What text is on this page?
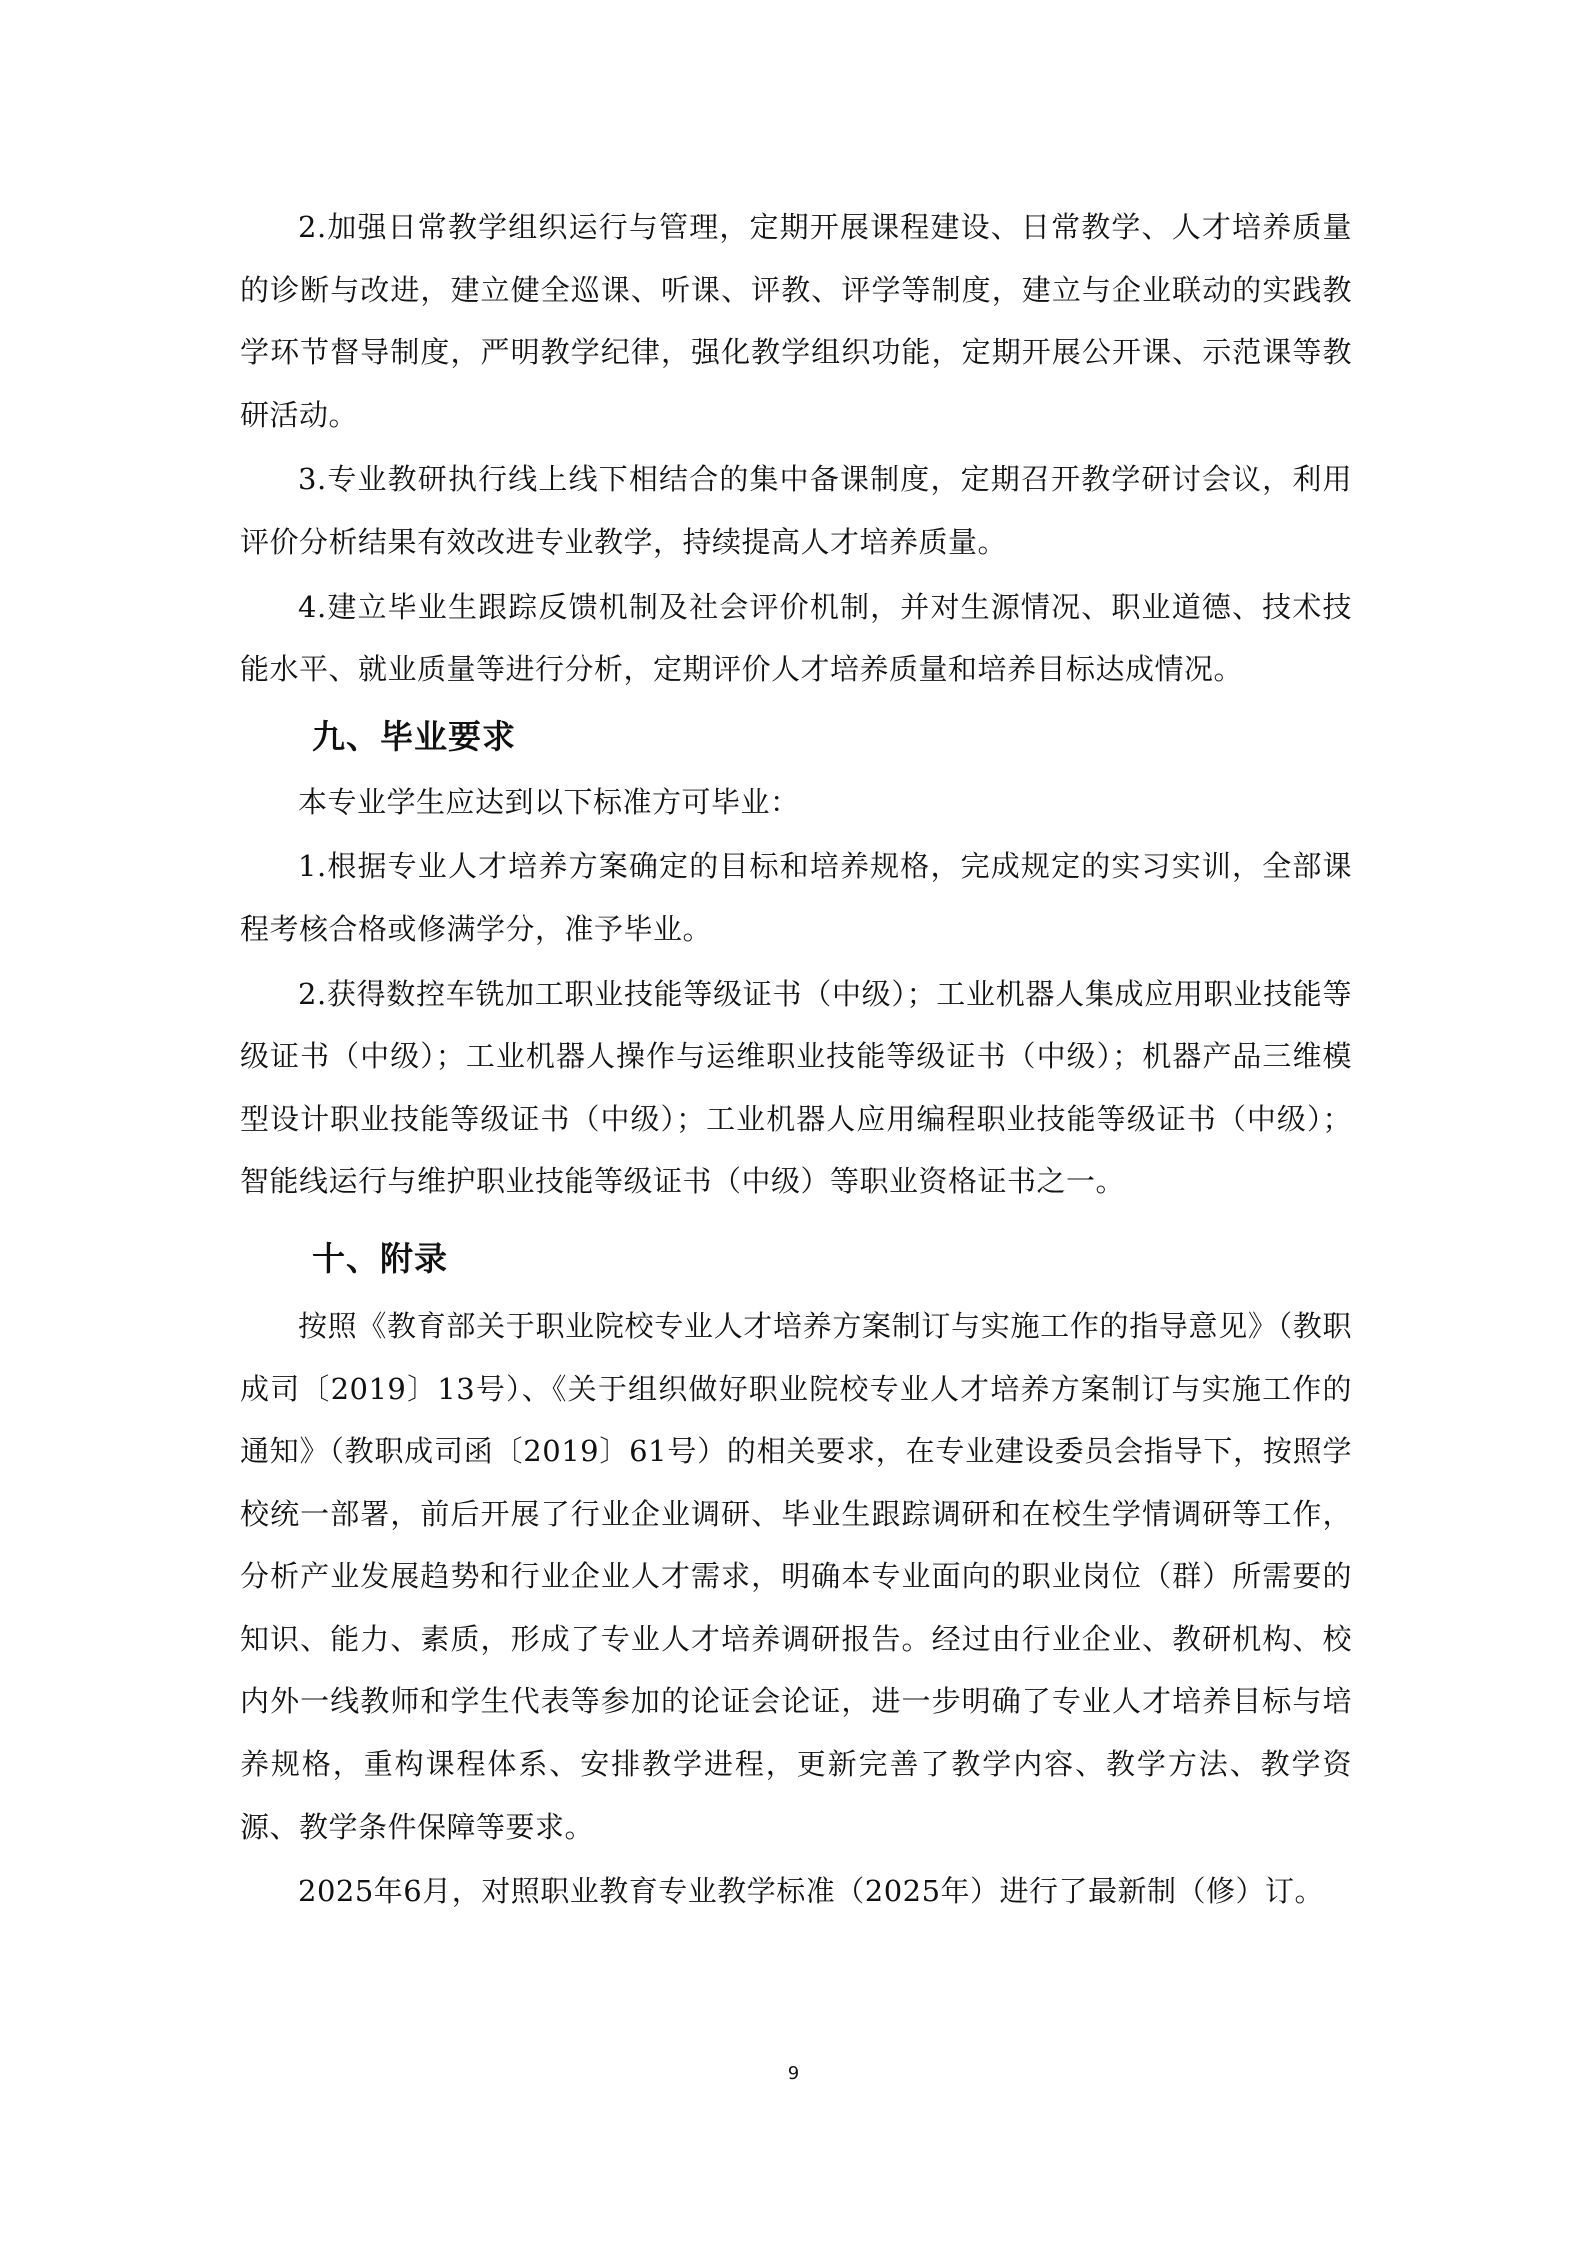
2.加强日常教学组织运行与管理，定期开展课程建设、日常教学、人才培养质量的诊断与改进，建立健全巡课、听课、评教、评学等制度，建立与企业联动的实践教学环节督导制度，严明教学纪律，强化教学组织功能，定期开展公开课、示范课等教研活动。

3.专业教研执行线上线下相结合的集中备课制度，定期召开教学研讨会议，利用评价分析结果有效改进专业教学，持续提高人才培养质量。

4.建立毕业生跟踪反馈机制及社会评价机制，并对生源情况、职业道德、技术技能水平、就业质量等进行分析，定期评价人才培养质量和培养目标达成情况。

九、毕业要求

本专业学生应达到以下标准方可毕业：

1.根据专业人才培养方案确定的目标和培养规格，完成规定的实习实训，全部课程考核合格或修满学分，准予毕业。

2.获得数控车铣加工职业技能等级证书（中级）；工业机器人集成应用职业技能等级证书（中级）；工业机器人操作与运维职业技能等级证书（中级）；机器产品三维模型设计职业技能等级证书（中级）；工业机器人应用编程职业技能等级证书（中级）；智能线运行与维护职业技能等级证书（中级）等职业资格证书之一。

十、附录

按照《教育部关于职业院校专业人才培养方案制订与实施工作的指导意见》（教职成司〔2019〕13号）、《关于组织做好职业院校专业人才培养方案制订与实施工作的通知》（教职成司函〔2019〕61号）的相关要求，在专业建设委员会指导下，按照学校统一部署，前后开展了行业企业调研、毕业生跟踪调研和在校生学情调研等工作，分析产业发展趋势和行业企业人才需求，明确本专业面向的职业岗位（群）所需要的知识、能力、素质，形成了专业人才培养调研报告。经过由行业企业、教研机构、校内外一线教师和学生代表等参加的论证会论证，进一步明确了专业人才培养目标与培养规格，重构课程体系、安排教学进程，更新完善了教学内容、教学方法、教学资源、教学条件保障等要求。

2025年6月，对照职业教育专业教学标准（2025年）进行了最新制（修）订。

9
